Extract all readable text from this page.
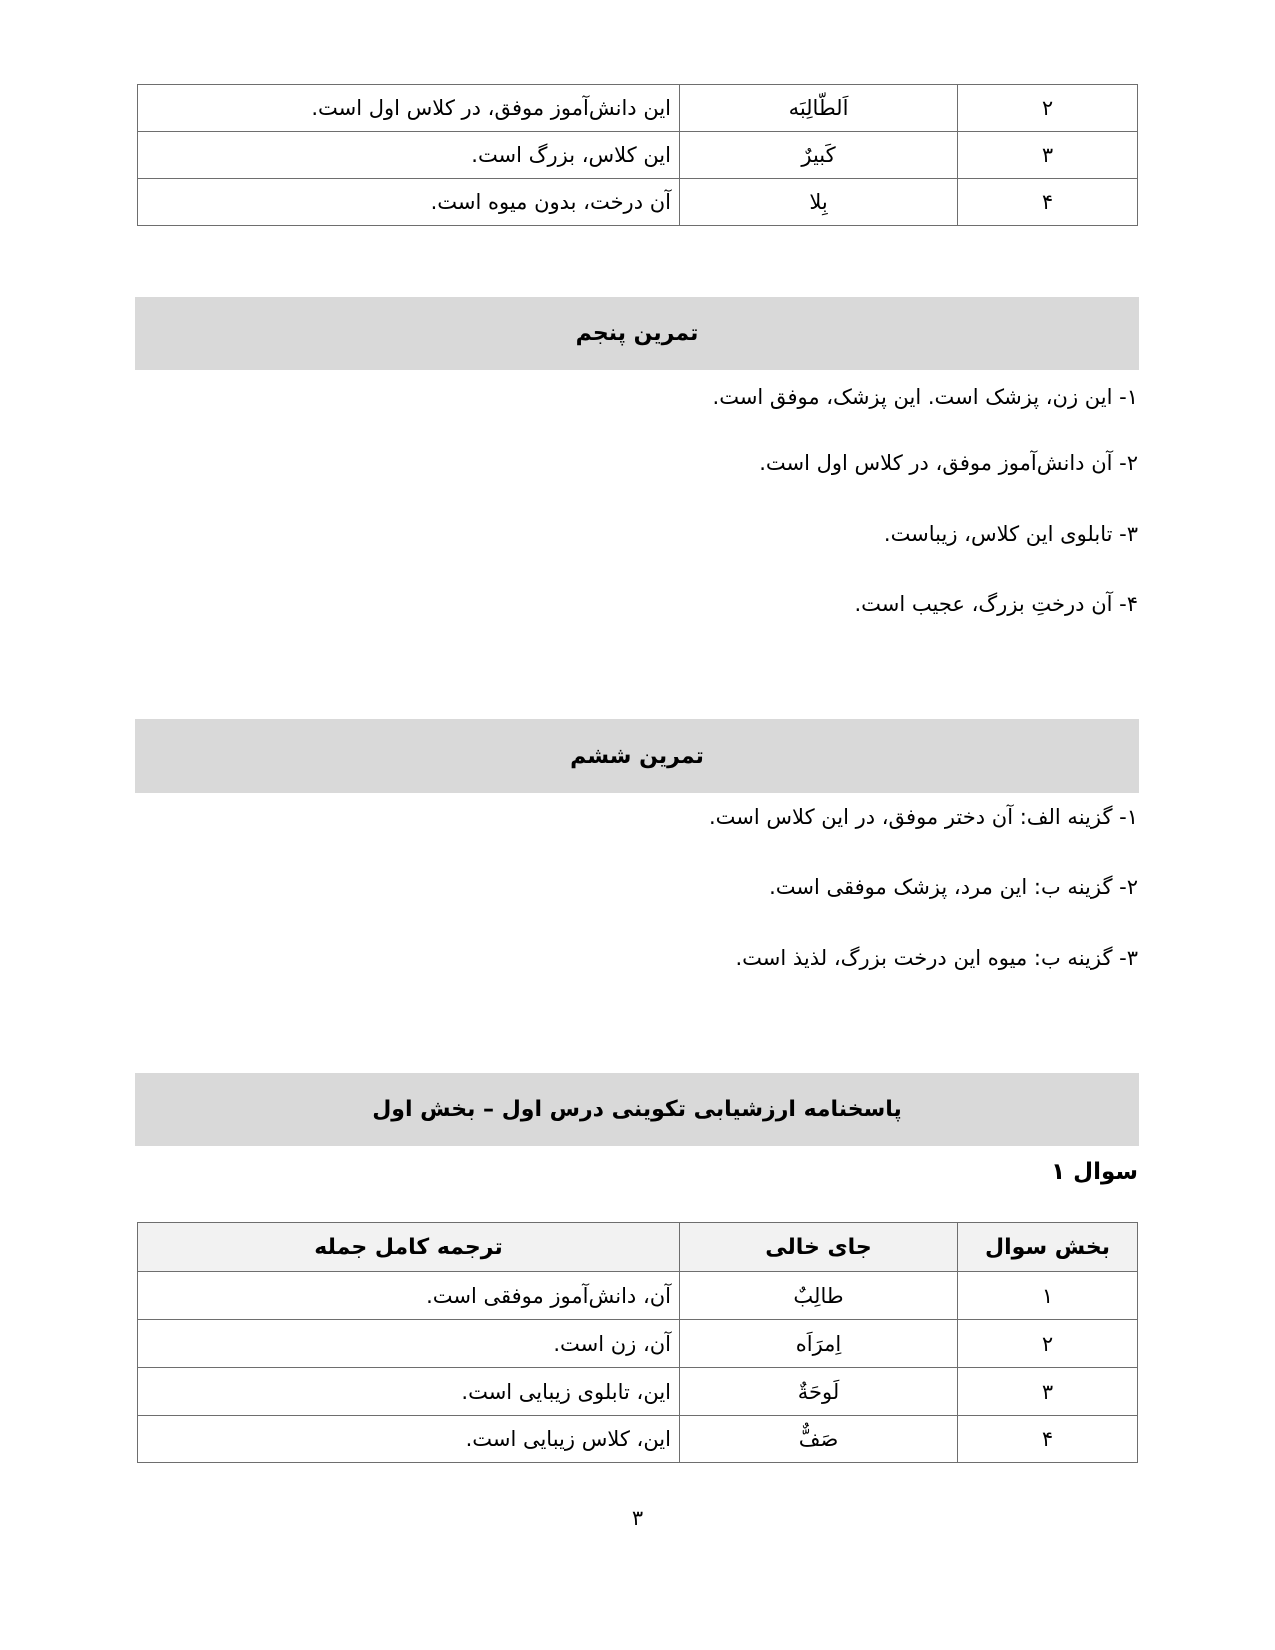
۲	اَلطّالِبَه	این دانش‌آموز موفق، در کلاس اول است.
۳	کَبیرٌ	این کلاس، بزرگ است.
۴	بِلا	آن درخت، بدون میوه است.
تمرین پنجم
۱- این زن، پزشک است. این پزشک، موفق است.
۲- آن دانش‌آموز موفق، در کلاس اول است.
۳- تابلوی این کلاس، زیباست.
۴- آن درختِ بزرگ، عجیب است.
تمرین ششم
۱- گزینه الف: آن دختر موفق، در این کلاس است.
۲- گزینه ب: این مرد، پزشک موفقی است.
۳- گزینه ب: میوه این درخت بزرگ، لذیذ است.
پاسخنامه ارزشیابی تکوینی درس اول – بخش اول
سوال ۱
بخش سوال	جای خالی	ترجمه کامل جمله
۱	طالِبٌ	آن، دانش‌آموز موفقی است.
۲	اِمرَاَه	آن، زن است.
۳	لَوحَةٌ	این، تابلوی زیبایی است.
۴	صَفٌّ	این، کلاس زیبایی است.
۳
